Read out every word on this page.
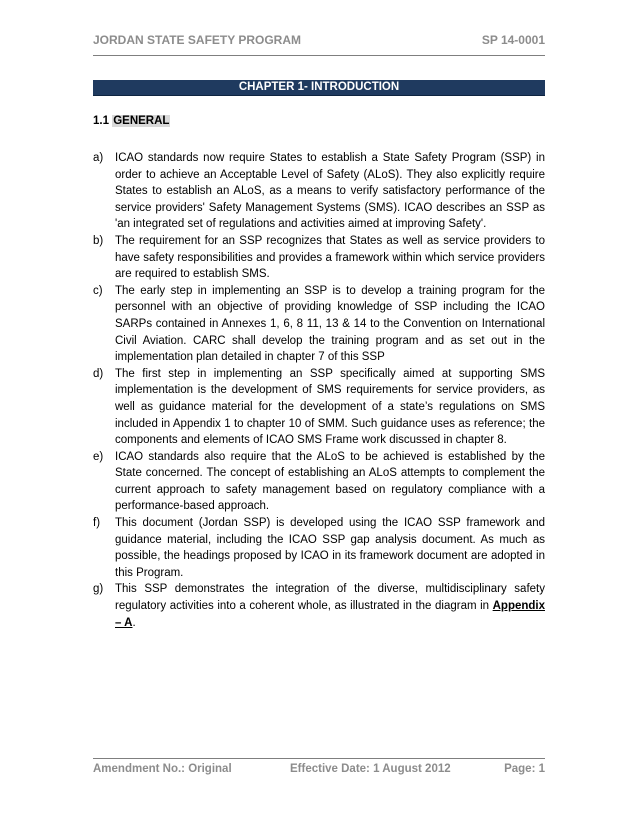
JORDAN STATE SAFETY PROGRAM	SP 14-0001
CHAPTER 1- INTRODUCTION
1.1 GENERAL
a) ICAO standards now require States to establish a State Safety Program (SSP) in order to achieve an Acceptable Level of Safety (ALoS). They also explicitly require States to establish an ALoS, as a means to verify satisfactory performance of the service providers' Safety Management Systems (SMS). ICAO describes an SSP as 'an integrated set of regulations and activities aimed at improving Safety'.
b) The requirement for an SSP recognizes that States as well as service providers to have safety responsibilities and provides a framework within which service providers are required to establish SMS.
c) The early step in implementing an SSP is to develop a training program for the personnel with an objective of providing knowledge of SSP including the ICAO SARPs contained in Annexes 1, 6, 8 11, 13 & 14 to the Convention on International Civil Aviation. CARC shall develop the training program and as set out in the implementation plan detailed in chapter 7 of this SSP
d) The first step in implementing an SSP specifically aimed at supporting SMS implementation is the development of SMS requirements for service providers, as well as guidance material for the development of a state’s regulations on SMS included in Appendix 1 to chapter 10 of SMM. Such guidance uses as reference; the components and elements of ICAO SMS Frame work discussed in chapter 8.
e) ICAO standards also require that the ALoS to be achieved is established by the State concerned. The concept of establishing an ALoS attempts to complement the current approach to safety management based on regulatory compliance with a performance-based approach.
f) This document (Jordan SSP) is developed using the ICAO SSP framework and guidance material, including the ICAO SSP gap analysis document. As much as possible, the headings proposed by ICAO in its framework document are adopted in this Program.
g) This SSP demonstrates the integration of the diverse, multidisciplinary safety regulatory activities into a coherent whole, as illustrated in the diagram in Appendix – A.
Amendment No.: Original	Effective Date: 1 August 2012	Page: 1
